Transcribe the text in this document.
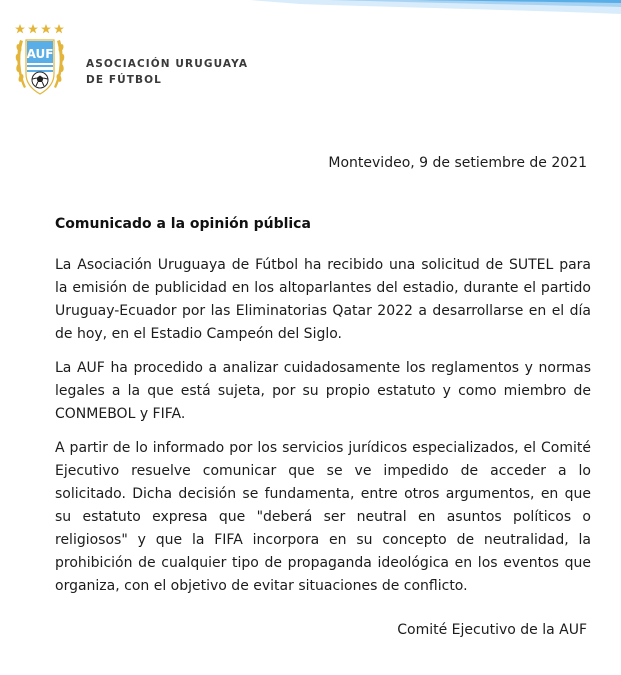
AUF
ASOCIACIÓN URUGUAYA
DE FÚTBOL
Montevideo, 9 de setiembre de 2021
Comunicado a la opinión pública
La Asociación Uruguaya de Fútbol ha recibido una solicitud de SUTEL para la emisión de publicidad en los altoparlantes del estadio, durante el partido Uruguay-Ecuador por las Eliminatorias Qatar 2022 a desarrollarse en el día de hoy, en el Estadio Campeón del Siglo.
La AUF ha procedido a analizar cuidadosamente los reglamentos y normas legales a la que está sujeta, por su propio estatuto y como miembro de CONMEBOL y FIFA.
A partir de lo informado por los servicios jurídicos especializados, el Comité Ejecutivo resuelve comunicar que se ve impedido de acceder a lo solicitado. Dicha decisión se fundamenta, entre otros argumentos, en que su estatuto expresa que "deberá ser neutral en asuntos políticos o religiosos" y que la FIFA incorpora en su concepto de neutralidad, la prohibición de cualquier tipo de propaganda ideológica en los eventos que organiza, con el objetivo de evitar situaciones de conflicto.
Comité Ejecutivo de la AUF
